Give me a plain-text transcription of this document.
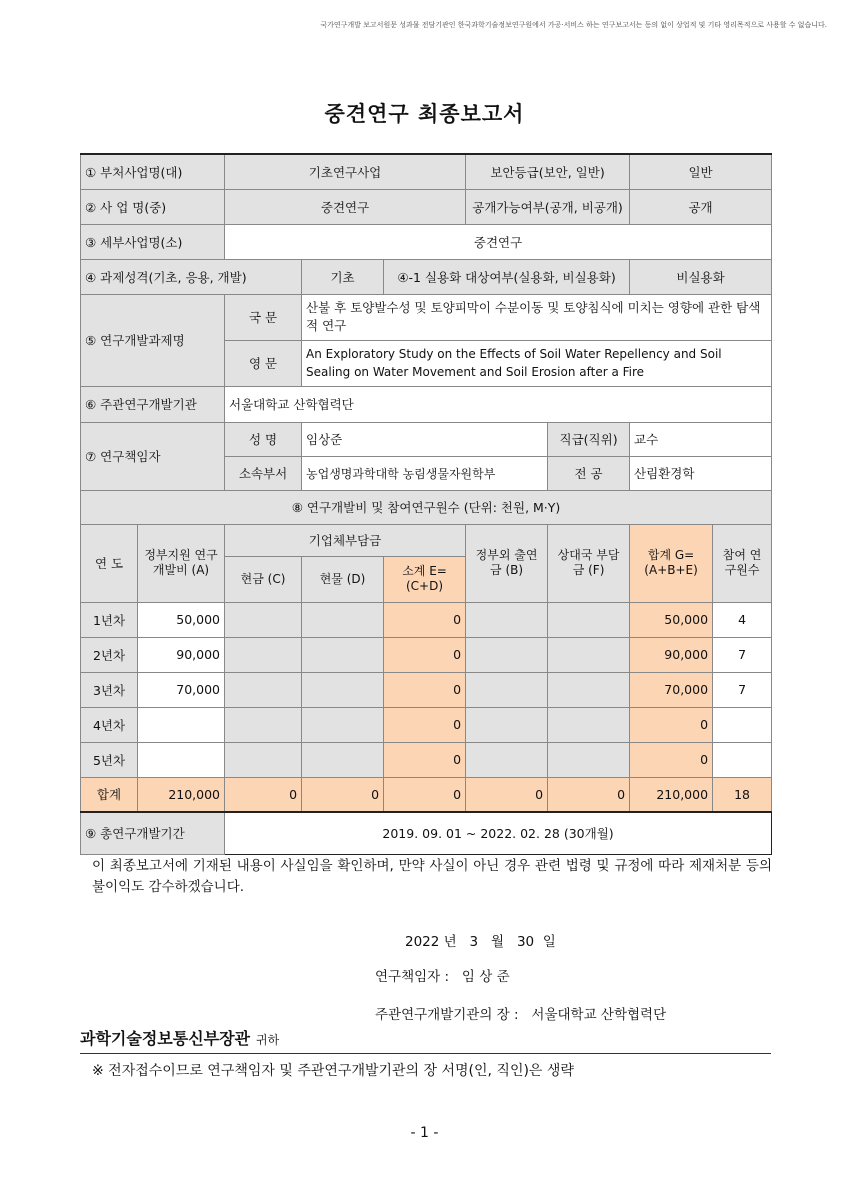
국가연구개발 보고서원문 성과물 전담기관인 한국과학기술정보연구원에서 가공·서비스 하는 연구보고서는 동의 없이 상업적 및 기타 영리목적으로 사용할 수 없습니다.
중견연구 최종보고서
① 부처사업명(대)		기초연구사업			보안등급(보안, 일반)		일반	
② 사 업 명(중)		중견연구			공개가능여부(공개, 비공개)		공개	
③ 세부사업명(소)		중견연구						
④ 과제성격(기초, 응용, 개발)			기초	④-1 실용화 대상여부(실용화, 비실용화)			비실용화	
⑤ 연구개발과제명		국 문	산불 후 토양발수성 및 토양피막이 수분이동 및 토양침식에 미치는 영향에 관한 탐색적 연구					
		영 문	An Exploratory Study on the Effects of Soil Water Repellency and Soil Sealing on Water Movement and Soil Erosion after a Fire					
⑥ 주관연구개발기관		서울대학교 산학협력단						
⑦ 연구책임자		성 명	임상준			직급(직위)	교수	
		소속부서	농업생명과학대학 농림생물자원학부			전 공	산림환경학	
⑧ 연구개발비 및 참여연구원수 (단위: 천원, M·Y)								
연 도	정부지원 연구개발비 (A)	기업체부담금			정부외 출연금 (B)	상대국 부담금 (F)	합계 G=(A+B+E)	참여 연구원수
		현금 (C)	현물 (D)	소계 E=(C+D)				
1년차	50,000			0			50,000	4
2년차	90,000			0			90,000	7
3년차	70,000			0			70,000	7
4년차				0			0	
5년차				0			0	
합계	210,000	0	0	0	0	0	210,000	18
⑨ 총연구개발기간		2019. 09. 01 ~ 2022. 02. 28 (30개월)						
이 최종보고서에 기재된 내용이 사실임을 확인하며, 만약 사실이 아닌 경우 관련 법령 및 규정에 따라 제재처분 등의 불이익도 감수하겠습니다.
2022 년   3   월   30  일
연구책임자 :   임 상 준
주관연구개발기관의 장 :   서울대학교 산학협력단
과학기술정보통신부장관 귀하
※ 전자접수이므로 연구책임자 및 주관연구개발기관의 장 서명(인, 직인)은 생략
- 1 -
